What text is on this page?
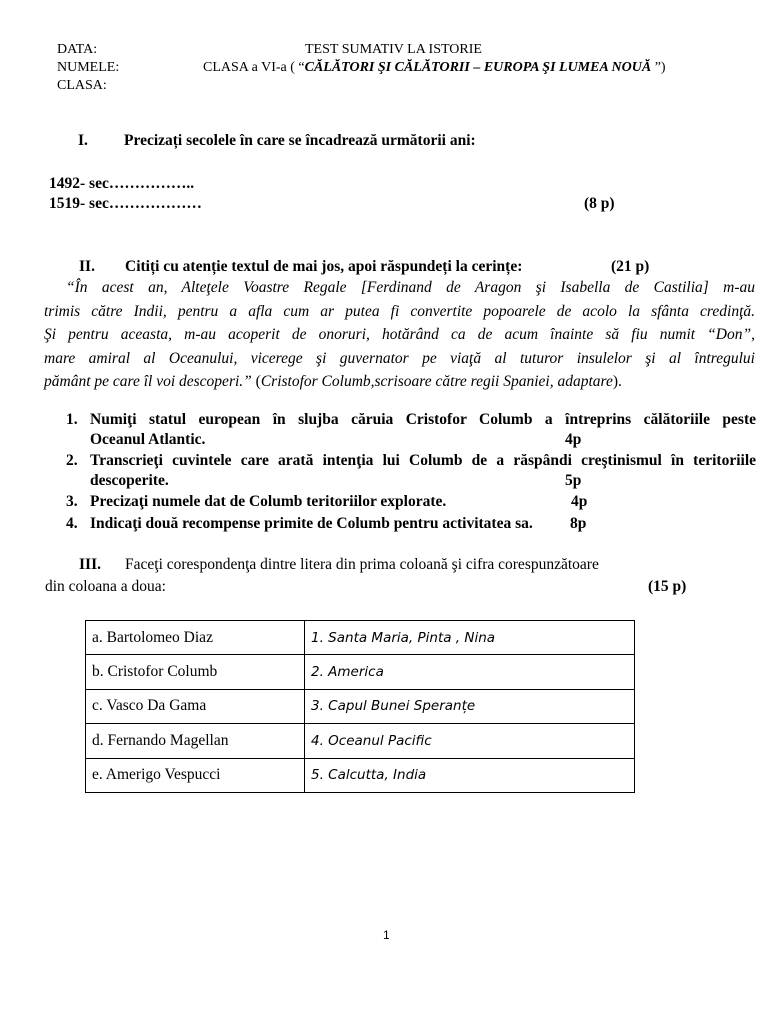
DATA:
NUMELE:
CLASA:
TEST SUMATIV LA ISTORIE
CLASA a VI-a ( “CĂLĂTORI ŞI CĂLĂTORII – EUROPA ŞI LUMEA NOUĂ ”)
I. Precizați secolele în care se încadrează următorii ani:
1492- sec……………..
1519- sec………………	(8 p)
II. Citiți cu atenție textul de mai jos, apoi răspundeți la cerințe:	(21 p)
“În acest an, Alteţele Voastre Regale [Ferdinand de Aragon şi Isabella de Castilia] m-au
trimis către Indii, pentru a afla cum ar putea fi convertite popoarele de acolo la sfânta credinţă.
Şi pentru aceasta, m-au acoperit de onoruri, hotărând ca de acum înainte să fiu numit “Don”,
mare amiral al Oceanului, vicerege şi guvernator pe viaţă al tuturor insulelor şi al întregului
pământ pe care îl voi descoperi.” (Cristofor Columb,scrisoare către regii Spaniei, adaptare).
1. Numiţi statul european în slujba căruia Cristofor Columb a întreprins călătoriile peste
Oceanul Atlantic.	4p
2. Transcrieţi cuvintele care arată intenţia lui Columb de a răspândi creştinismul în teritoriile
descoperite.	5p
3. Precizaţi numele dat de Columb teritoriilor explorate.	4p
4. Indicaţi două recompense primite de Columb pentru activitatea sa.	8p
III. Faceţi corespondenţa dintre litera din prima coloană şi cifra corespunzătoare
din coloana a doua:	(15 p)
a. Bartolomeo Diaz	1. Santa Maria, Pinta , Nina
b. Cristofor Columb	2. America
c. Vasco Da Gama	3. Capul Bunei Speranțe
d. Fernando Magellan	4. Oceanul Pacific
e. Amerigo Vespucci	5. Calcutta, India
1
